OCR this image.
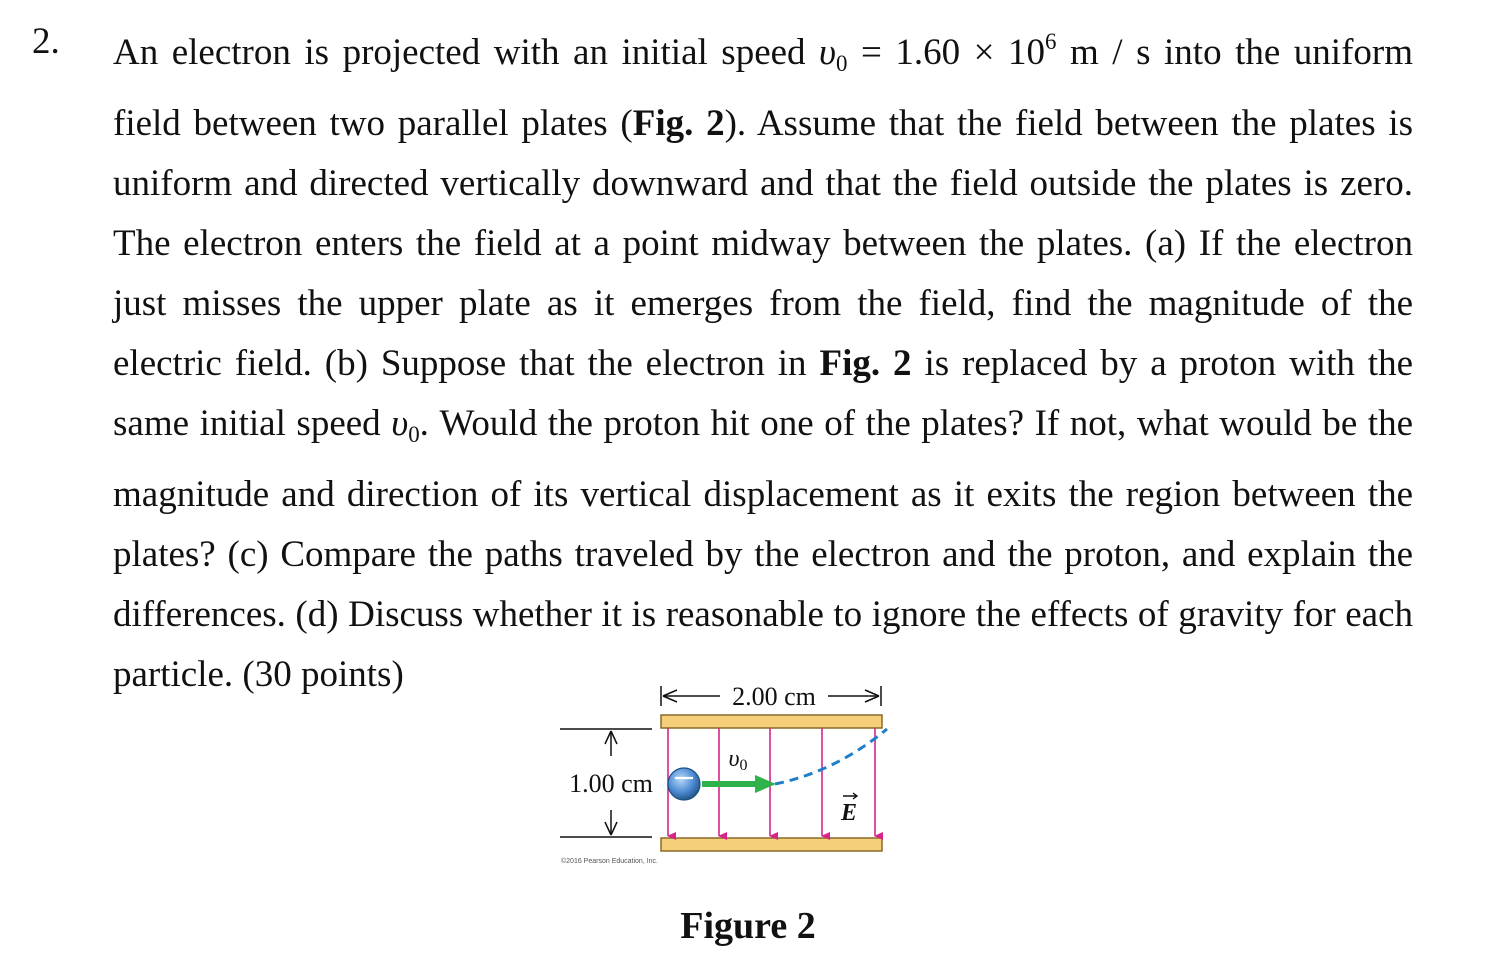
2. An electron is projected with an initial speed $\upsilon 0 = 1.60 \times 10^6$ m / s into the uniform field between two parallel plates (Fig. 2). Assume that the field between the plates is uniform and directed vertically downward and that the field outside the plates is zero. The electron enters the field at a point midway between the plates. (a) If the electron just misses the upper plate as it emerges from the field, find the magnitude of the electric field. (b) Suppose that the electron in Fig. 2 is replaced by a proton with the same initial speed υ0. Would the proton hit one of the plates? If not, what would be the magnitude and direction of its vertical displacement as it exits the region between the plates? (c) Compare the paths traveled by the electron and the proton, and explain the differences. (d) Discuss whether it is reasonable to ignore the effects of gravity for each particle. (30 points)

2.00 cm
1.00 cm
υ0
E
©2016 Pearson Education, Inc.
Figure 2
